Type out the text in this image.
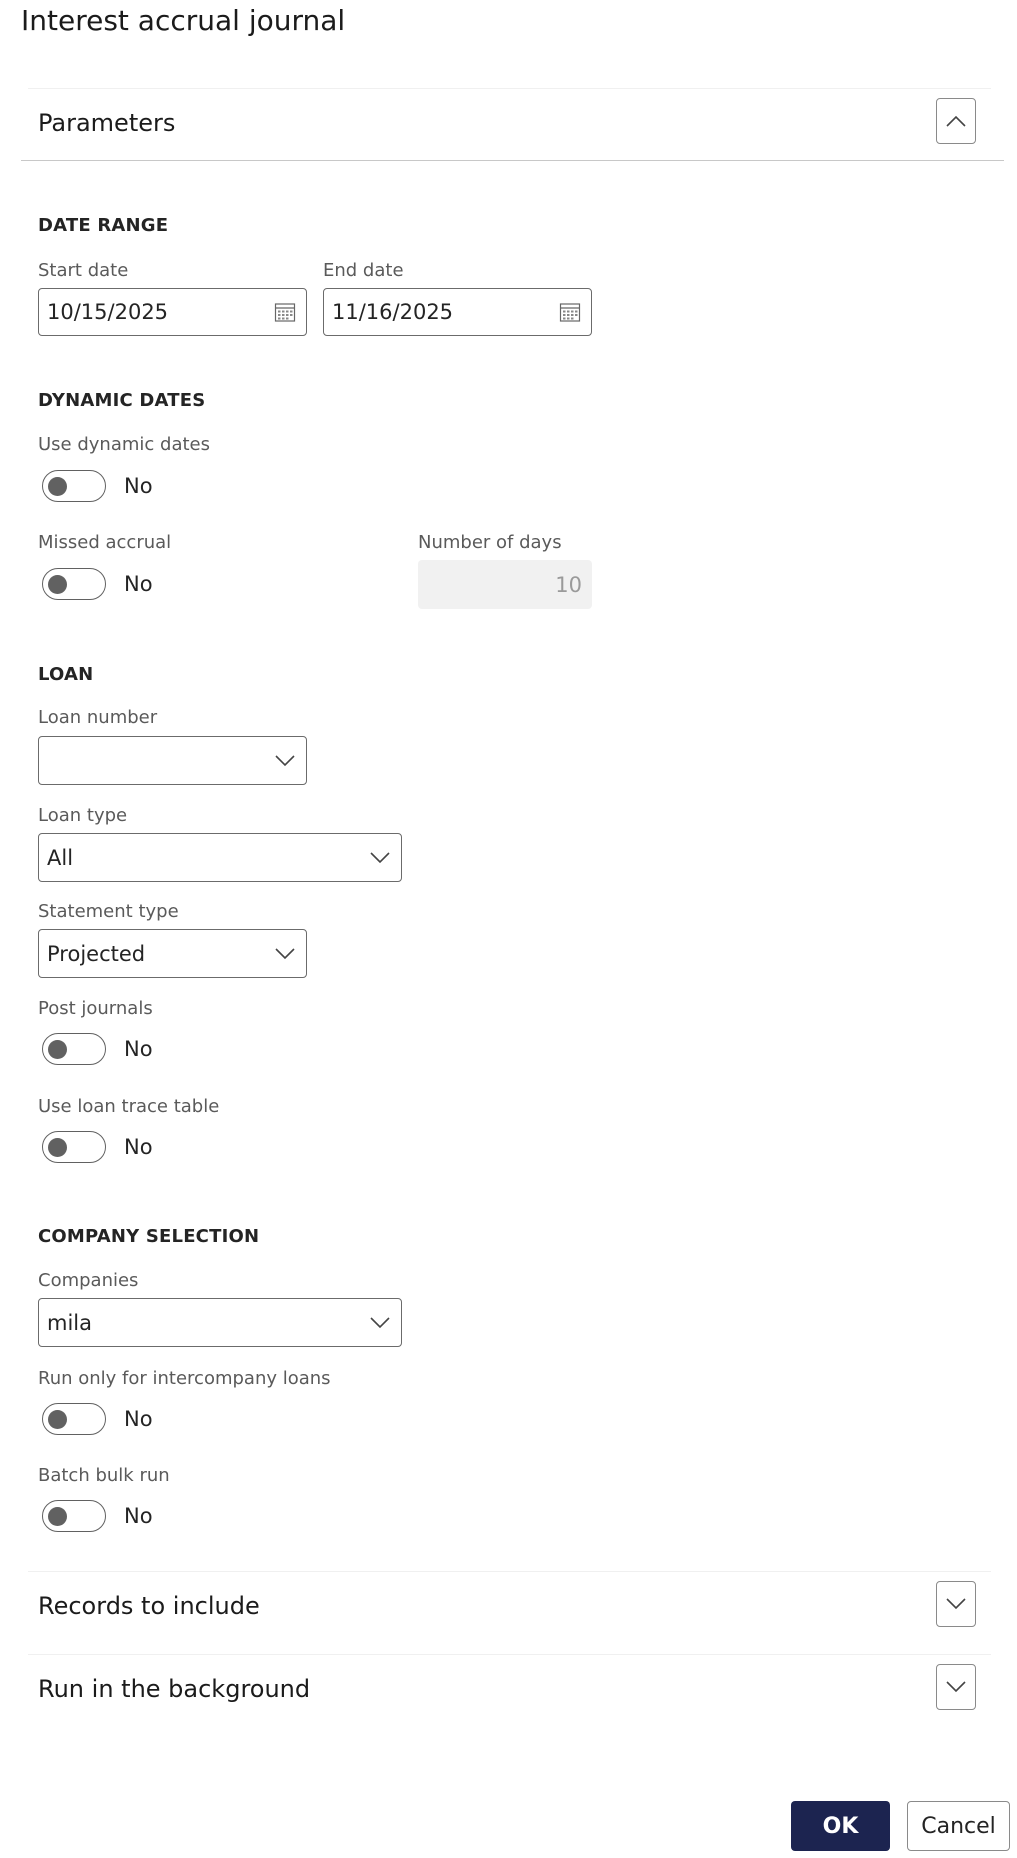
Interest accrual journal
Parameters
DATE RANGE
Start date
10/15/2025
End date
11/16/2025
DYNAMIC DATES
Use dynamic dates
No
Missed accrual
No
Number of days
10
LOAN
Loan number
Loan type
All
Statement type
Projected
Post journals
No
Use loan trace table
No
COMPANY SELECTION
Companies
mila
Run only for intercompany loans
No
Batch bulk run
No
Records to include
Run in the background
OK	Cancel
